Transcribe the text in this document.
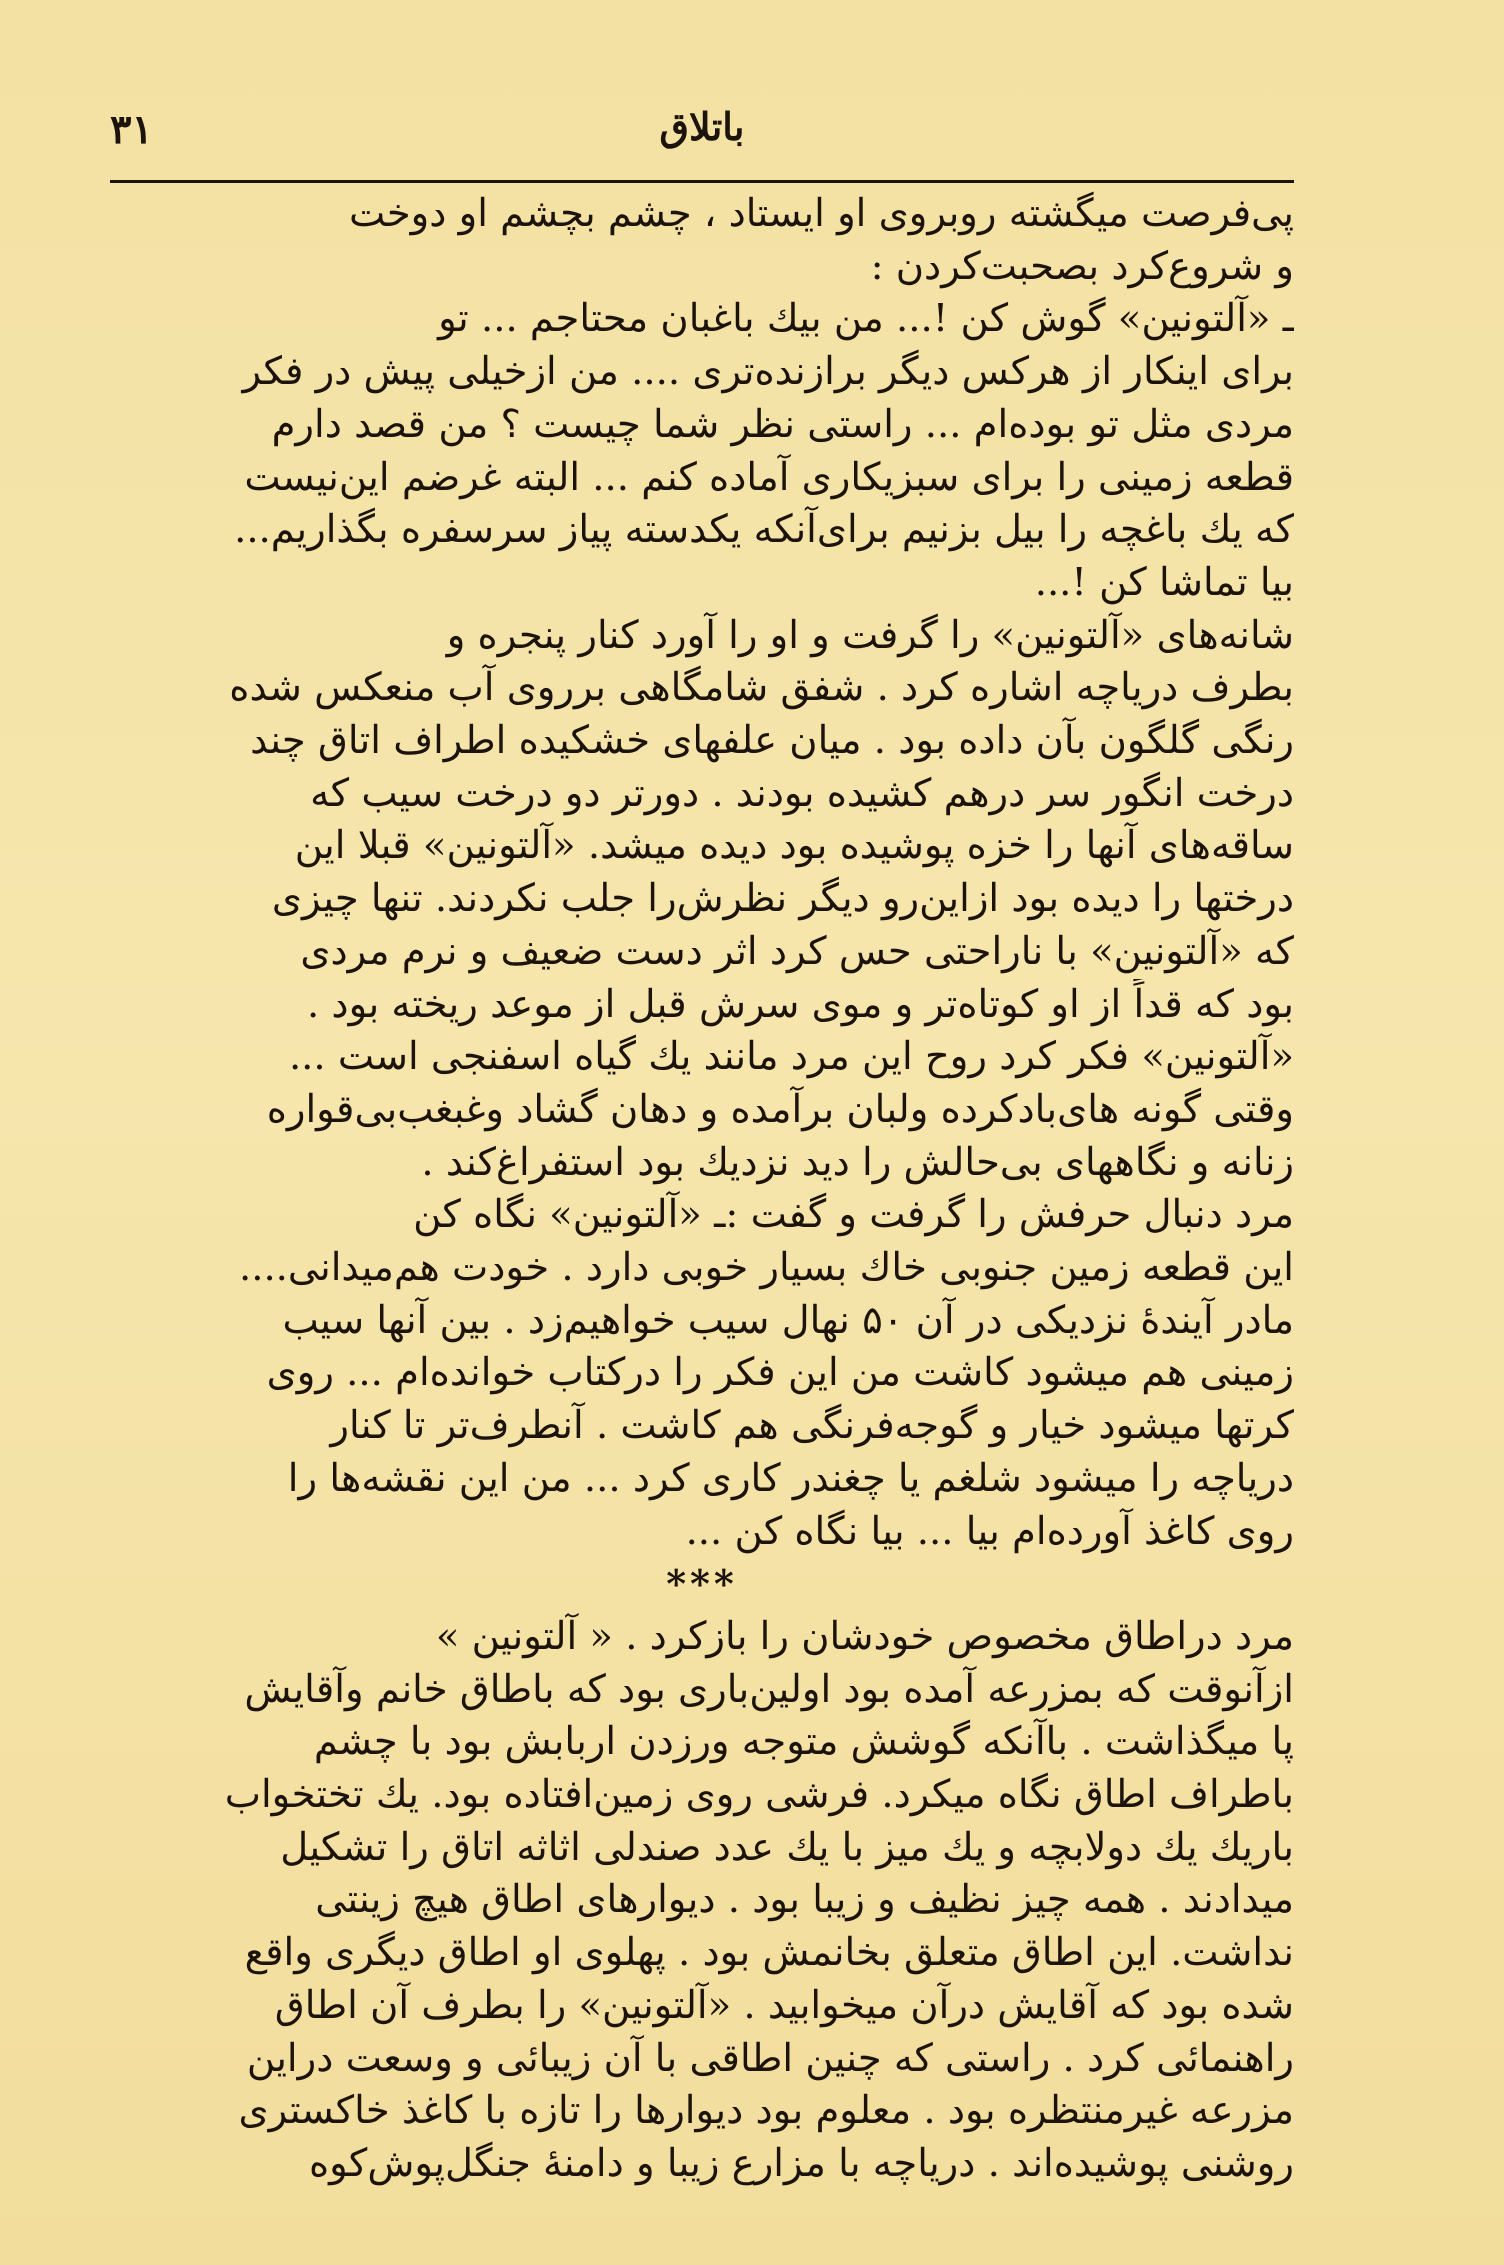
۳۱	باتلاق
پی‌فرصت میگشته روبروی او ایستاد ، چشم بچشم او دوخت
و شروع‌کرد بصحبت‌کردن :
ـ «آلتونین» گوش کن !... من بیك باغبان محتاجم ... تو
برای اینکار از هرکس دیگر برازنده‌تری .... من ازخیلی پیش در فکر
مردی مثل تو بوده‌ام ... راستی نظر شما چیست ؟ من قصد دارم
قطعه زمینی را برای سبزیکاری آماده کنم ... البته غرضم این‌نیست
که یك باغچه را بیل بزنیم برای‌آنکه یکدسته پیاز سرسفره بگذاریم...
بیا تماشا کن !...
شانه‌های «آلتونین» را گرفت و او را آورد کنار پنجره و
بطرف دریاچه اشاره کرد . شفق شامگاهی برروی آب منعکس شده
رنگی گلگون بآن داده بود . میان علفهای خشکیده اطراف اتاق چند
درخت انگور سر درهم کشیده بودند . دورتر دو درخت سیب که
ساقه‌های آنها را خزه پوشیده بود دیده میشد. «آلتونین» قبلا این
درختها را دیده بود ازاین‌رو دیگر نظرش‌را جلب نکردند. تنها چیزی
که «آلتونین» با ناراحتی حس کرد اثر دست ضعیف و نرم مردی
بود که قداً از او کوتاه‌تر و موی سرش قبل از موعد ریخته بود .
«آلتونین» فکر کرد روح این مرد مانند یك گیاه اسفنجی است ...
وقتی گونه های‌بادکرده ولبان برآمده و دهان گشاد وغبغب‌بی‌قواره
زنانه و نگاههای بی‌حالش را دید نزدیك بود استفراغ‌کند .
مرد دنبال حرفش را گرفت و گفت :ـ «آلتونین» نگاه کن
این قطعه زمین جنوبی خاك بسیار خوبی دارد . خودت هم‌میدانی....
مادر آیندۀ نزدیکی در آن ۵۰ نهال سیب خواهیم‌زد . بین آنها سیب
زمینی هم میشود کاشت من این فکر را درکتاب خوانده‌ام ... روی
کرتها میشود خیار و گوجه‌فرنگی هم کاشت . آنطرف‌تر تا کنار
دریاچه را میشود شلغم یا چغندر کاری کرد ... من این نقشه‌ها را
روی کاغذ آورده‌ام بیا ... بیا نگاه کن ...
***
مرد دراطاق مخصوص خودشان را بازکرد . « آلتونین »
ازآنوقت که بمزرعه آمده بود اولین‌باری بود که باطاق خانم وآقایش
پا میگذاشت . باآنکه گوشش متوجه ورزدن اربابش بود با چشم
باطراف اطاق نگاه میکرد. فرشی روی زمین‌افتاده بود. یك تختخواب
باریك یك دولابچه و یك میز با یك عدد صندلی اثاثه اتاق را تشکیل
میدادند . همه چیز نظیف و زیبا بود . دیوارهای اطاق هیچ زینتی
نداشت. این اطاق متعلق بخانمش بود . پهلوی او اطاق دیگری واقع
شده بود که آقایش درآن میخوابید . «آلتونین» را بطرف آن اطاق
راهنمائی کرد . راستی که چنین اطاقی با آن زیبائی و وسعت دراین
مزرعه غیرمنتظره بود . معلوم بود دیوارها را تازه با کاغذ خاکستری
روشنی پوشیده‌اند . دریاچه با مزارع زیبا و دامنۀ جنگل‌پوش‌کوه
